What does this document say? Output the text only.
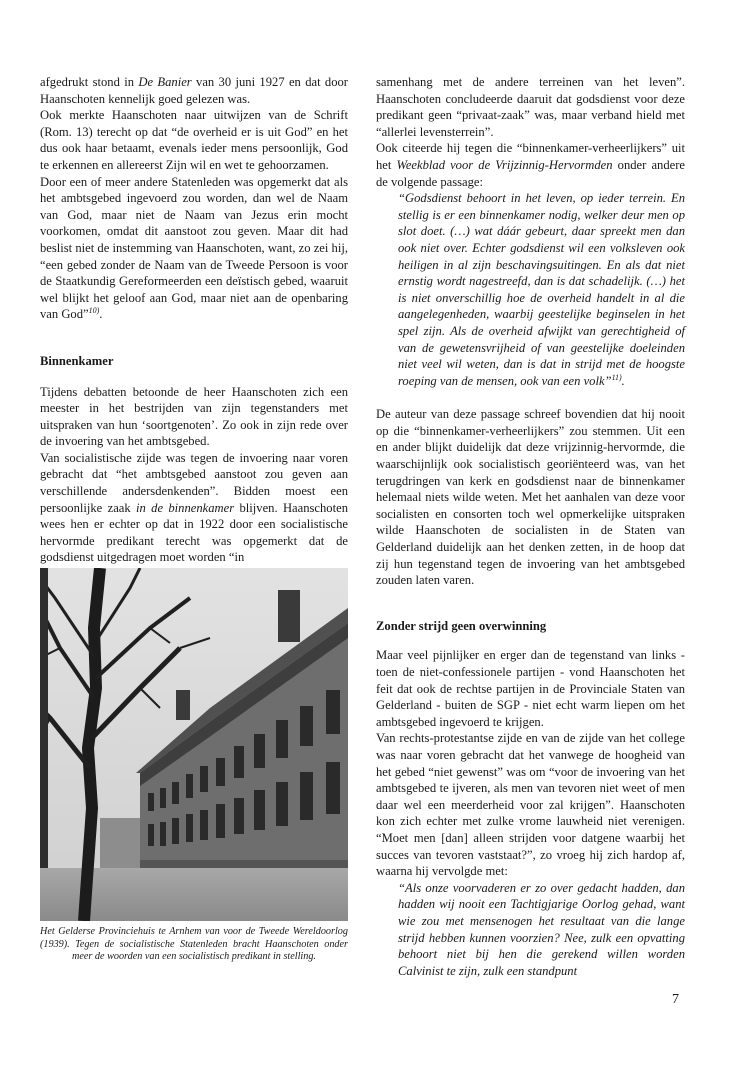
afgedrukt stond in De Banier van 30 juni 1927 en dat door Haanschoten kennelijk goed gelezen was.

Ook merkte Haanschoten naar uitwijzen van de Schrift (Rom. 13) terecht op dat “de overheid er is uit God” en het dus ook haar betaamt, evenals ieder mens persoonlijk, God te erkennen en allereerst Zijn wil en wet te gehoorzamen.

Door een of meer andere Statenleden was opgemerkt dat als het ambtsgebed ingevoerd zou worden, dan wel de Naam van God, maar niet de Naam van Jezus erin mocht voorkomen, omdat dit aanstoot zou geven. Maar dit had beslist niet de instemming van Haanschoten, want, zo zei hij, “een gebed zonder de Naam van de Tweede Persoon is voor de Staatkundig Gereformeerden een deïstisch gebed, waaruit wel blijkt het geloof aan God, maar niet aan de openbaring van God”$^{10)}$.

Binnenkamer

Tijdens debatten betoonde de heer Haanschoten zich een meester in het bestrijden van zijn tegenstanders met uitspraken van hun ‘soortgenoten’. Zo ook in zijn rede over de invoering van het ambtsgebed.

Van socialistische zijde was tegen de invoering naar voren gebracht dat “het ambtsgebed aanstoot zou geven aan verschillende andersdenkenden”. Bidden moest een persoonlijke zaak in de binnenkamer blijven. Haanschoten wees hen er echter op dat in 1922 door een socialistische hervormde predikant terecht was opgemerkt dat de godsdienst uitgedragen moet worden “in

Het Gelderse Provinciehuis te Arnhem van voor de Tweede Wereldoorlog (1939). Tegen de socialistische Statenleden bracht Haanschoten onder meer de woorden van een socialistisch predikant in stelling.

samenhang met de andere terreinen van het leven”. Haanschoten concludeerde daaruit dat godsdienst voor deze predikant geen “privaat-zaak” was, maar verband hield met “allerlei levensterrein”.

Ook citeerde hij tegen die “binnenkamer-verheerlijkers” uit het Weekblad voor de Vrijzinnig-Hervormden onder andere de volgende passage:

“Godsdienst behoort in het leven, op ieder terrein. En stellig is er een binnenkamer nodig, welker deur men op slot doet. (…) wat dáár gebeurt, daar spreekt men dan ook niet over. Echter godsdienst wil een volksleven ook heiligen in al zijn beschavingsuitingen. En als dat niet ernstig wordt nagestreefd, dan is dat schadelijk. (…) het is niet onverschillig hoe de overheid handelt in al die aangelegenheden, waarbij geestelijke beginselen in het spel zijn. Als de overheid afwijkt van gerechtigheid of van de gewetensvrijheid of van geestelijke doeleinden niet veel wil weten, dan is dat in strijd met de hoogste roeping van de mensen, ook van een volk”$^{11)}$.

De auteur van deze passage schreef bovendien dat hij nooit op die “binnenkamer-verheerlijkers” zou stemmen. Uit een en ander blijkt duidelijk dat deze vrijzinnig-hervormde, die waarschijnlijk ook socialistisch georiënteerd was, van het terugdringen van kerk en godsdienst naar de binnenkamer helemaal niets wilde weten. Met het aanhalen van deze voor socialisten en consorten toch wel opmerkelijke uitspraken wilde Haanschoten de socialisten in de Staten van Gelderland duidelijk aan het denken zetten, in de hoop dat zij hun tegenstand tegen de invoering van het ambtsgebed zouden laten varen.

Zonder strijd geen overwinning

Maar veel pijnlijker en erger dan de tegenstand van links - toen de niet-confessionele partijen - vond Haanschoten het feit dat ook de rechtse partijen in de Provinciale Staten van Gelderland - buiten de SGP - niet echt warm liepen om het ambtsgebed ingevoerd te krijgen.

Van rechts-protestantse zijde en van de zijde van het college was naar voren gebracht dat het vanwege de hoogheid van het gebed “niet gewenst” was om “voor de invoering van het ambtsgebed te ijveren, als men van tevoren niet weet of men daar wel een meerderheid voor zal krijgen”. Haanschoten kon zich echter met zulke vrome lauwheid niet verenigen. “Moet men [dan] alleen strijden voor datgene waarbij het succes van tevoren vaststaat?”, zo vroeg hij zich hardop af, waarna hij vervolgde met:

“Als onze voorvaderen er zo over gedacht hadden, dan hadden wij nooit een Tachtigjarige Oorlog gehad, want wie zou met mensenogen het resultaat van die lange strijd hebben kunnen voorzien? Nee, zulk een opvatting behoort niet bij hen die gerekend willen worden Calvinist te zijn, zulk een standpunt

7
